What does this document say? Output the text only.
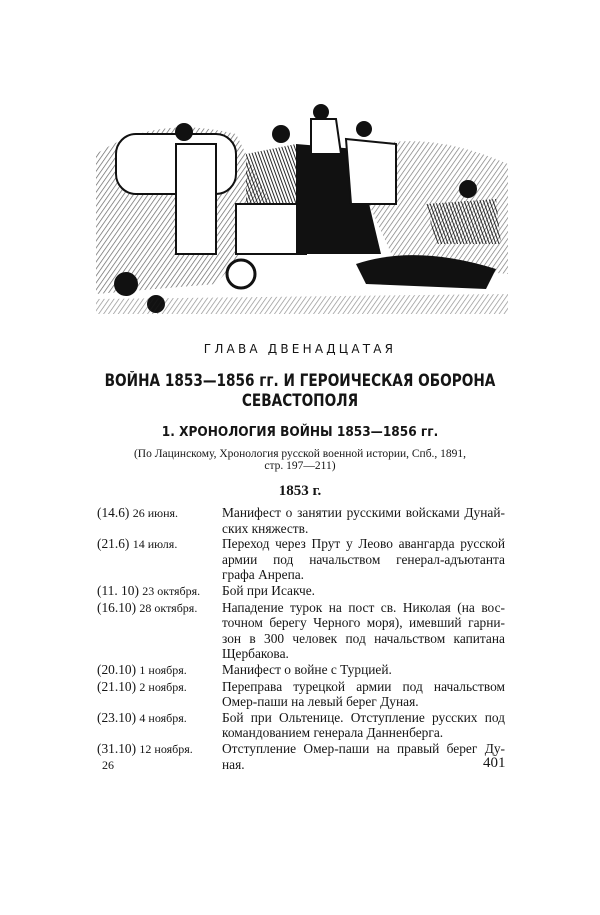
ГЛАВА ДВЕНАДЦАТАЯ
ВОЙНА 1853—1856 гг. И ГЕРОИЧЕСКАЯ ОБОРОНА
СЕВАСТОПОЛЯ
1. ХРОНОЛОГИЯ ВОЙНЫ 1853—1856 гг.
(По Лацинскому, Хронология русской военной истории, Спб., 1891,
стр. 197—211)
1853 г.
(14.6) 26 июня.	Манифест о занятии русскими войсками Дунай-
ских княжеств.
(21.6) 14 июля.	Переход через Прут у Леово авангарда русской
армии под начальством генерал-адъютанта
графа Анрепа.
(11. 10) 23 октября.	Бой при Исакче.
(16.10) 28 октября.	Нападение турок на пост св. Николая (на вос-
точном берегу Черного моря), имевший гарни-
зон в 300 человек под начальством капитана
Щербакова.
(20.10) 1 ноября.	Манифест о войне с Турцией.
(21.10) 2 ноября.	Переправа турецкой армии под начальством
Омер-паши на левый берег Дуная.
(23.10) 4 ноября.	Бой при Ольтенице. Отступление русских под
командованием генерала Данненберга.
(31.10) 12 ноября.	Отступление Омер-паши на правый берег Ду-
ная.
26	401
